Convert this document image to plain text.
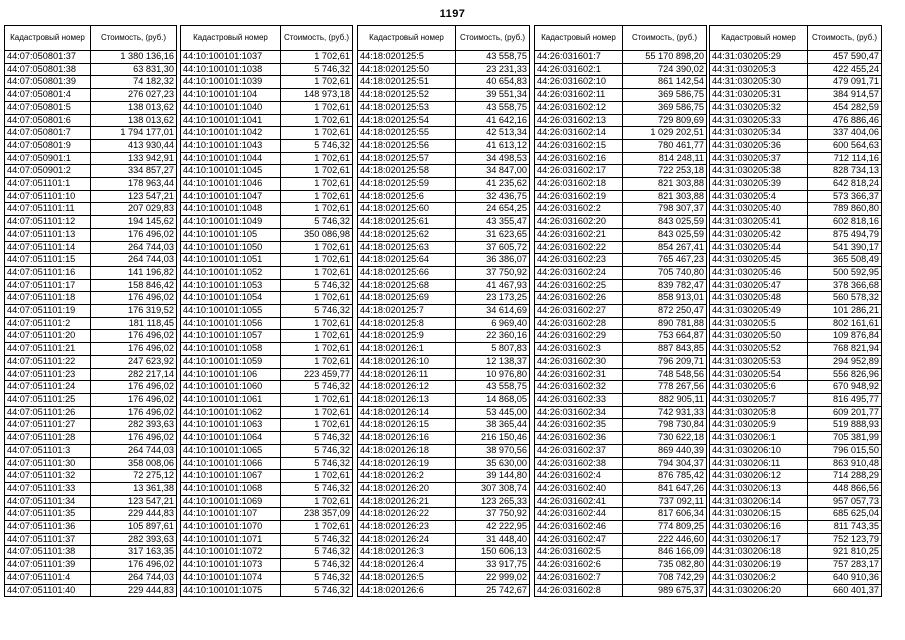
1197
Кадастровый номер	Стоимость, (руб.)
44:07:050801:37	1 380 136,16
44:07:050801:38	63 831,30
44:07:050801:39	74 182,32
44:07:050801:4	276 027,23
44:07:050801:5	138 013,62
44:07:050801:6	138 013,62
44:07:050801:7	1 794 177,01
44:07:050801:9	413 930,44
44:07:050901:1	133 942,91
44:07:050901:2	334 857,27
44:07:051101:1	178 963,44
44:07:051101:10	123 547,21
44:07:051101:11	207 029,83
44:07:051101:12	194 145,62
44:07:051101:13	176 496,02
44:07:051101:14	264 744,03
44:07:051101:15	264 744,03
44:07:051101:16	141 196,82
44:07:051101:17	158 846,42
44:07:051101:18	176 496,02
44:07:051101:19	176 319,52
44:07:051101:2	181 118,45
44:07:051101:20	176 496,02
44:07:051101:21	176 496,02
44:07:051101:22	247 623,92
44:07:051101:23	282 217,14
44:07:051101:24	176 496,02
44:07:051101:25	176 496,02
44:07:051101:26	176 496,02
44:07:051101:27	282 393,63
44:07:051101:28	176 496,02
44:07:051101:3	264 744,03
44:07:051101:30	358 008,06
44:07:051101:32	72 275,12
44:07:051101:33	13 361,38
44:07:051101:34	123 547,21
44:07:051101:35	229 444,83
44:07:051101:36	105 897,61
44:07:051101:37	282 393,63
44:07:051101:38	317 163,35
44:07:051101:39	176 496,02
44:07:051101:4	264 744,03
44:07:051101:40	229 444,83
Кадастровый номер	Стоимость, (руб.)
44:10:100101:1037	1 702,61
44:10:100101:1038	5 746,32
44:10:100101:1039	1 702,61
44:10:100101:104	148 973,18
44:10:100101:1040	1 702,61
44:10:100101:1041	1 702,61
44:10:100101:1042	1 702,61
44:10:100101:1043	5 746,32
44:10:100101:1044	1 702,61
44:10:100101:1045	1 702,61
44:10:100101:1046	1 702,61
44:10:100101:1047	1 702,61
44:10:100101:1048	1 702,61
44:10:100101:1049	5 746,32
44:10:100101:105	350 086,98
44:10:100101:1050	1 702,61
44:10:100101:1051	1 702,61
44:10:100101:1052	1 702,61
44:10:100101:1053	5 746,32
44:10:100101:1054	1 702,61
44:10:100101:1055	5 746,32
44:10:100101:1056	1 702,61
44:10:100101:1057	1 702,61
44:10:100101:1058	1 702,61
44:10:100101:1059	1 702,61
44:10:100101:106	223 459,77
44:10:100101:1060	5 746,32
44:10:100101:1061	1 702,61
44:10:100101:1062	1 702,61
44:10:100101:1063	1 702,61
44:10:100101:1064	5 746,32
44:10:100101:1065	5 746,32
44:10:100101:1066	5 746,32
44:10:100101:1067	1 702,61
44:10:100101:1068	5 746,32
44:10:100101:1069	1 702,61
44:10:100101:107	238 357,09
44:10:100101:1070	1 702,61
44:10:100101:1071	5 746,32
44:10:100101:1072	5 746,32
44:10:100101:1073	5 746,32
44:10:100101:1074	5 746,32
44:10:100101:1075	5 746,32
Кадастровый номер	Стоимость, (руб.)
44:18:020125:5	43 558,75
44:18:020125:50	23 231,33
44:18:020125:51	40 654,83
44:18:020125:52	39 551,34
44:18:020125:53	43 558,75
44:18:020125:54	41 642,16
44:18:020125:55	42 513,34
44:18:020125:56	41 613,12
44:18:020125:57	34 498,53
44:18:020125:58	34 847,00
44:18:020125:59	41 235,62
44:18:020125:6	32 436,75
44:18:020125:60	24 654,25
44:18:020125:61	43 355,47
44:18:020125:62	31 623,65
44:18:020125:63	37 605,72
44:18:020125:64	36 386,07
44:18:020125:66	37 750,92
44:18:020125:68	41 467,93
44:18:020125:69	23 173,25
44:18:020125:7	34 614,69
44:18:020125:8	6 969,40
44:18:020125:9	22 360,16
44:18:020126:1	5 807,83
44:18:020126:10	12 138,37
44:18:020126:11	10 976,80
44:18:020126:12	43 558,75
44:18:020126:13	14 868,05
44:18:020126:14	53 445,00
44:18:020126:15	38 365,44
44:18:020126:16	216 150,46
44:18:020126:18	38 970,56
44:18:020126:19	35 630,00
44:18:020126:2	39 144,80
44:18:020126:20	307 308,74
44:18:020126:21	123 265,33
44:18:020126:22	37 750,92
44:18:020126:23	42 222,95
44:18:020126:24	31 448,40
44:18:020126:3	150 606,13
44:18:020126:4	33 917,75
44:18:020126:5	22 999,02
44:18:020126:6	25 742,67
Кадастровый номер	Стоимость, (руб.)
44:26:031601:7	55 170 898,20
44:26:031602:1	724 390,02
44:26:031602:10	861 142,54
44:26:031602:11	369 586,75
44:26:031602:12	369 586,75
44:26:031602:13	729 809,69
44:26:031602:14	1 029 202,51
44:26:031602:15	780 461,77
44:26:031602:16	814 248,11
44:26:031602:17	722 253,18
44:26:031602:18	821 303,88
44:26:031602:19	821 303,88
44:26:031602:2	798 307,37
44:26:031602:20	843 025,59
44:26:031602:21	843 025,59
44:26:031602:22	854 267,41
44:26:031602:23	765 467,23
44:26:031602:24	705 740,80
44:26:031602:25	839 782,47
44:26:031602:26	858 913,01
44:26:031602:27	872 250,47
44:26:031602:28	890 781,88
44:26:031602:29	753 664,87
44:26:031602:3	887 843,85
44:26:031602:30	796 209,71
44:26:031602:31	748 548,56
44:26:031602:32	778 267,56
44:26:031602:33	882 905,11
44:26:031602:34	742 931,33
44:26:031602:35	798 730,84
44:26:031602:36	730 622,18
44:26:031602:37	869 440,39
44:26:031602:38	794 304,37
44:26:031602:4	876 785,42
44:26:031602:40	841 647,26
44:26:031602:41	737 092,11
44:26:031602:44	817 606,34
44:26:031602:46	774 809,25
44:26:031602:47	222 446,60
44:26:031602:5	846 166,09
44:26:031602:6	735 082,80
44:26:031602:7	708 742,29
44:26:031602:8	989 675,37
Кадастровый номер	Стоимость, (руб.)
44:31:030205:29	457 590,47
44:31:030205:3	422 455,24
44:31:030205:30	479 091,71
44:31:030205:31	384 914,57
44:31:030205:32	454 282,59
44:31:030205:33	476 886,46
44:31:030205:34	337 404,06
44:31:030205:36	600 564,63
44:31:030205:37	712 114,16
44:31:030205:38	828 734,13
44:31:030205:39	642 818,24
44:31:030205:4	573 366,37
44:31:030205:40	789 860,80
44:31:030205:41	602 818,16
44:31:030205:42	875 494,79
44:31:030205:44	541 390,17
44:31:030205:45	365 508,49
44:31:030205:46	500 592,95
44:31:030205:47	378 366,68
44:31:030205:48	560 578,32
44:31:030205:49	101 286,21
44:31:030205:5	802 161,61
44:31:030205:50	109 876,84
44:31:030205:52	768 821,94
44:31:030205:53	294 952,89
44:31:030205:54	556 826,96
44:31:030205:6	670 948,92
44:31:030205:7	816 495,77
44:31:030205:8	609 201,77
44:31:030205:9	519 888,93
44:31:030206:1	705 381,99
44:31:030206:10	796 015,50
44:31:030206:11	863 910,48
44:31:030206:12	714 288,29
44:31:030206:13	448 866,56
44:31:030206:14	957 057,73
44:31:030206:15	685 625,04
44:31:030206:16	811 743,35
44:31:030206:17	752 123,79
44:31:030206:18	921 810,25
44:31:030206:19	757 283,17
44:31:030206:2	640 910,36
44:31:030206:20	660 401,37
